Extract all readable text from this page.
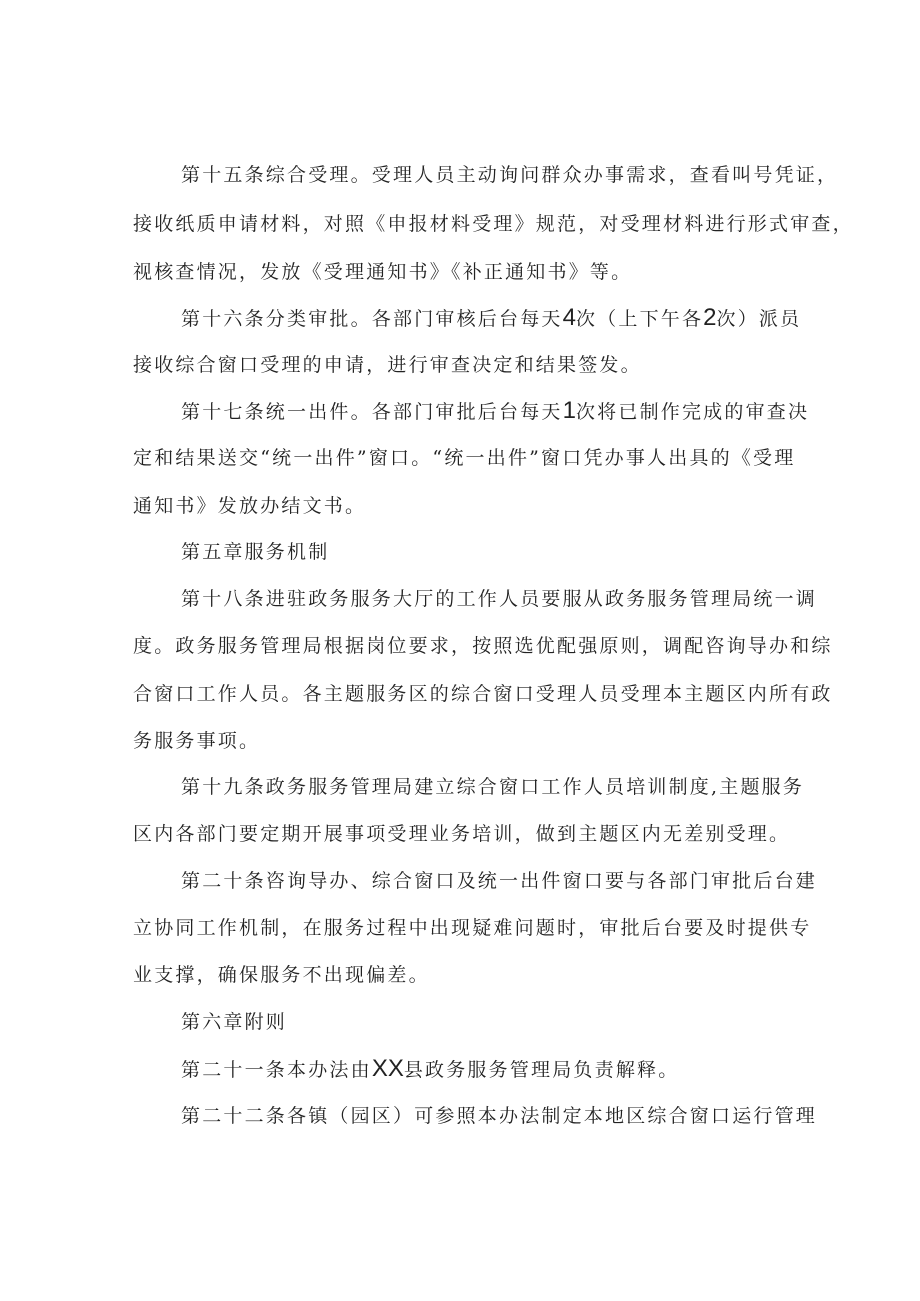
第十五条综合受理。受理人员主动询问群众办事需求，查看叫号凭证，
接收纸质申请材料，对照《申报材料受理》规范，对受理材料进行形式审查，
视核查情况，发放《受理通知书》《补正通知书》等。
第十六条分类审批。各部门审核后台每天4次（上下午各2次）派员
接收综合窗口受理的申请，进行审查决定和结果签发。
第十七条统一出件。各部门审批后台每天1次将已制作完成的审查决
定和结果送交“统一出件”窗口。“统一出件”窗口凭办事人出具的《受理
通知书》发放办结文书。
第五章服务机制
第十八条进驻政务服务大厅的工作人员要服从政务服务管理局统一调
度。政务服务管理局根据岗位要求，按照选优配强原则，调配咨询导办和综
合窗口工作人员。各主题服务区的综合窗口受理人员受理本主题区内所有政
务服务事项。
第十九条政务服务管理局建立综合窗口工作人员培训制度,主题服务
区内各部门要定期开展事项受理业务培训，做到主题区内无差别受理。
第二十条咨询导办、综合窗口及统一出件窗口要与各部门审批后台建
立协同工作机制，在服务过程中出现疑难问题时，审批后台要及时提供专
业支撑，确保服务不出现偏差。
第六章附则
第二十一条本办法由XX县政务服务管理局负责解释。
第二十二条各镇（园区）可参照本办法制定本地区综合窗口运行管理
